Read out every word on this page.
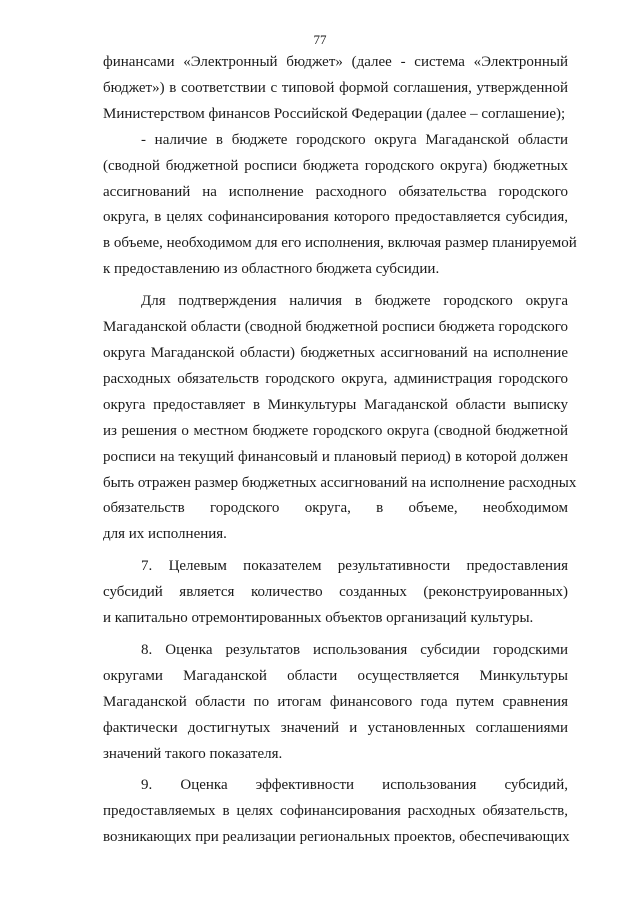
77

финансами «Электронный бюджет» (далее - система «Электронный
бюджет») в соответствии с типовой формой соглашения, утвержденной
Министерством финансов Российской Федерации (далее – соглашение);

- наличие в бюджете городского округа Магаданской области
(сводной бюджетной росписи бюджета городского округа) бюджетных
ассигнований на исполнение расходного обязательства городского
округа, в целях софинансирования которого предоставляется субсидия,
в объеме, необходимом для его исполнения, включая размер планируемой
к предоставлению из областного бюджета субсидии.

Для подтверждения наличия в бюджете городского округа
Магаданской области (сводной бюджетной росписи бюджета городского
округа Магаданской области) бюджетных ассигнований на исполнение
расходных обязательств городского округа, администрация городского
округа предоставляет в Минкультуры Магаданской области выписку
из решения о местном бюджете городского округа (сводной бюджетной
росписи на текущий финансовый и плановый период) в которой должен
быть отражен размер бюджетных ассигнований на исполнение расходных
обязательств городского округа, в объеме, необходимом
для их исполнения.

7. Целевым показателем результативности предоставления
субсидий является количество созданных (реконструированных)
и капитально отремонтированных объектов организаций культуры.

8. Оценка результатов использования субсидии городскими
округами Магаданской области осуществляется Минкультуры
Магаданской области по итогам финансового года путем сравнения
фактически достигнутых значений и установленных соглашениями
значений такого показателя.

9. Оценка эффективности использования субсидий,
предоставляемых в целях софинансирования расходных обязательств,
возникающих при реализации региональных проектов, обеспечивающих
